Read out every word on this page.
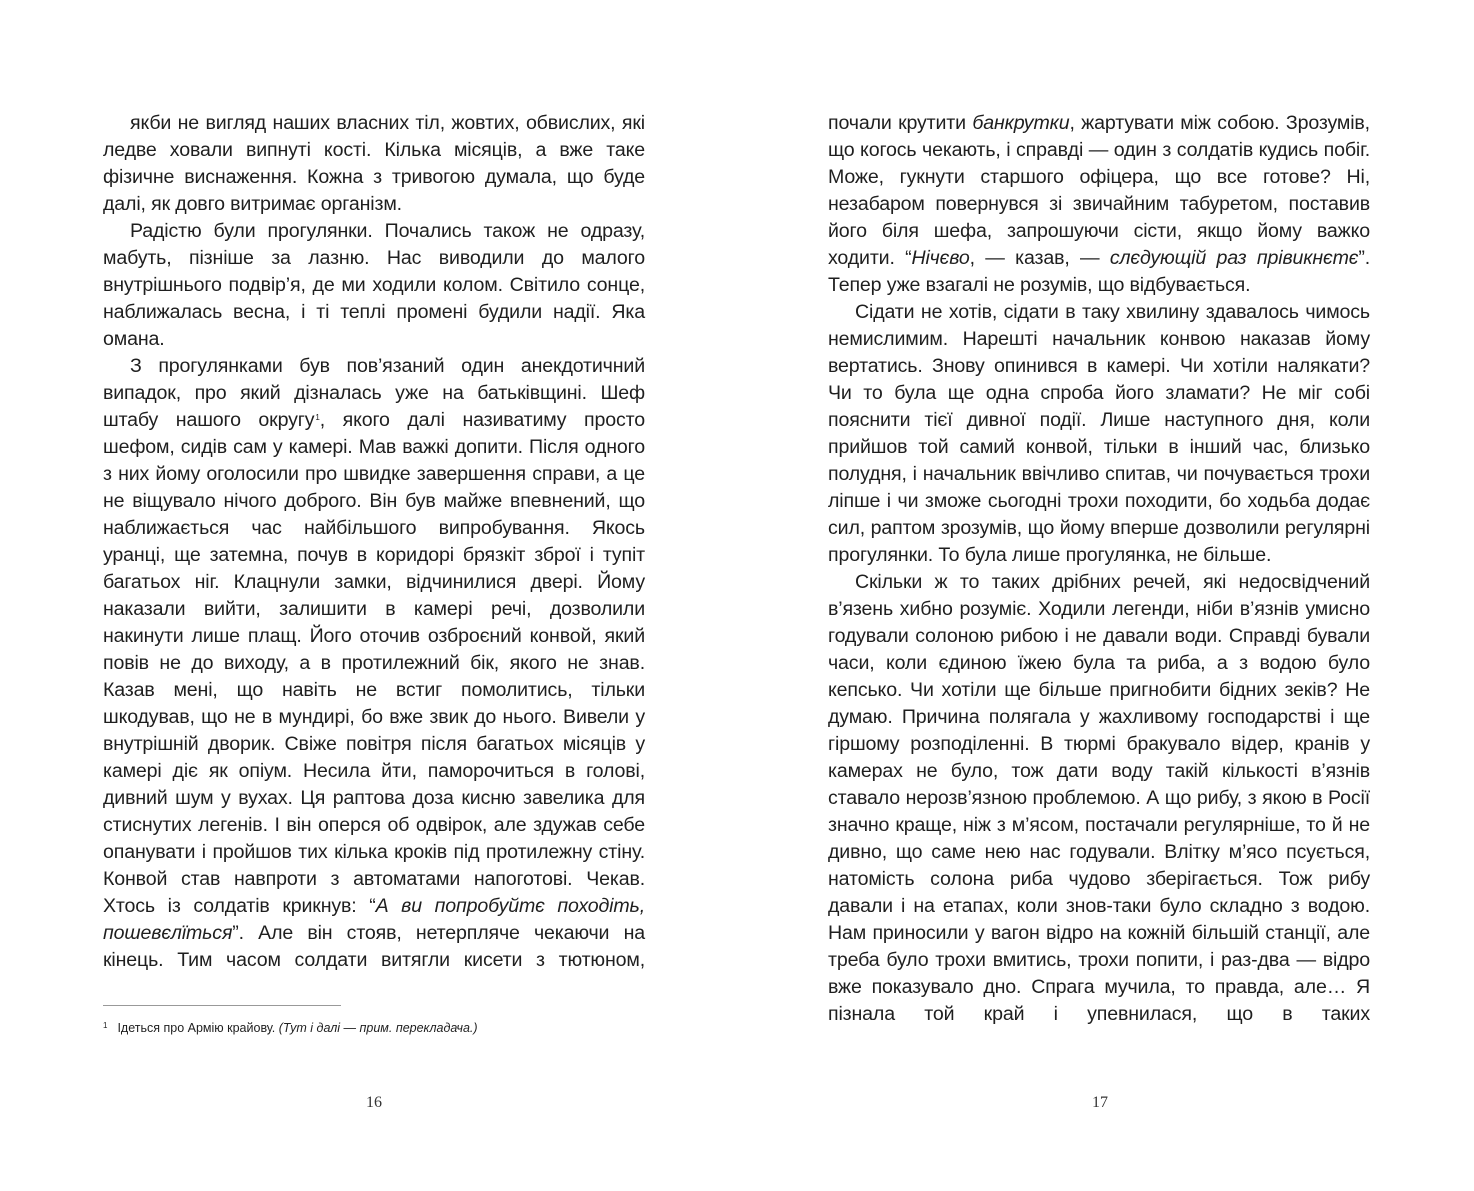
якби не вигляд наших власних тіл, жовтих, обвислих, які ледве ховали випнуті кості. Кілька місяців, а вже таке фізичне виснаження. Кожна з тривогою думала, що буде далі, як довго витримає організм.

Радістю були прогулянки. Почались також не одразу, мабуть, пізніше за лазню. Нас виводили до малого внутрішнього подвір’я, де ми ходили колом. Світило сонце, наближалась весна, і ті теплі промені будили надії. Яка омана.

З прогулянками був пов’язаний один анекдотичний випадок, про який дізналась уже на батьківщині. Шеф штабу нашого округу$^1$, якого далі називатиму просто шефом, сидів сам у камері. Мав важкі допити. Після одного з них йому оголосили про швидке завершення справи, а це не віщувало нічого доброго. Він був майже впевнений, що наближається час найбільшого випробування. Якось уранці, ще затемна, почув в коридорі брязкіт зброї і тупіт багатьох ніг. Клацнули замки, відчинилися двері. Йому наказали вийти, залишити в камері речі, дозволили накинути лише плащ. Його оточив озброєний конвой, який повів не до виходу, а в протилежний бік, якого не знав. Казав мені, що навіть не встиг помолитись, тільки шкодував, що не в мундирі, бо вже звик до нього. Вивели у внутрішній дворик. Свіже повітря після багатьох місяців у камері діє як опіум. Несила йти, паморочиться в голові, дивний шум у вухах. Ця раптова доза кисню завелика для стиснутих легенів. І він оперся об одвірок, але здужав себе опанувати і пройшов тих кілька кроків під протилежну стіну. Конвой став навпроти з автоматами напоготові. Чекав. Хтось із солдатів крикнув: “А ви попробуйтє походіть, пошевєлїться”. Але він стояв, нетерпляче чекаючи на кінець. Тим часом солдати витягли кисети з тютюном,

$^1$ Ідеться про Армію крайову. (Тут і далі — прим. перекладача.)
16

почали крутити банкрутки, жартувати між собою. Зрозумів, що когось чекають, і справді — один з солдатів кудись побіг. Може, гукнути старшого офіцера, що все готове? Ні, незабаром повернувся зі звичайним табуретом, поставив його біля шефа, запрошуючи сісти, якщо йому важко ходити. “Нічєво, — казав, — слєдующій раз прівикнєтє”. Тепер уже взагалі не розумів, що відбувається.

Сідати не хотів, сідати в таку хвилину здавалось чимось немислимим. Нарешті начальник конвою наказав йому вертатись. Знову опинився в камері. Чи хотіли налякати? Чи то була ще одна спроба його зламати? Не міг собі пояснити тієї дивної події. Лише наступного дня, коли прийшов той самий конвой, тільки в інший час, близько полудня, і начальник ввічливо спитав, чи почувається трохи ліпше і чи зможе сьогодні трохи походити, бо ходьба додає сил, раптом зрозумів, що йому вперше дозволили регулярні прогулянки. То була лише прогулянка, не більше.

Скільки ж то таких дрібних речей, які недосвідчений в’язень хибно розуміє. Ходили легенди, ніби в’язнів умисно годували солоною рибою і не давали води. Справді бували часи, коли єдиною їжею була та риба, а з водою було кепсько. Чи хотіли ще більше пригнобити бідних зеків? Не думаю. Причина полягала у жахливому господарстві і ще гіршому розподіленні. В тюрмі бракувало відер, кранів у камерах не було, тож дати воду такій кількості в’язнів ставало нерозв’язною проблемою. А що рибу, з якою в Росії значно краще, ніж з м’ясом, постачали регулярніше, то й не дивно, що саме нею нас годували. Влітку м’ясо псується, натомість солона риба чудово зберігається. Тож рибу давали і на етапах, коли знов-таки було складно з водою. Нам приносили у вагон відро на кожній більшій станції, але треба було трохи вмитись, трохи попити, і раз-два — відро вже показувало дно. Спрага мучила, то правда, але… Я пізнала той край і упевнилася, що в таких

17
